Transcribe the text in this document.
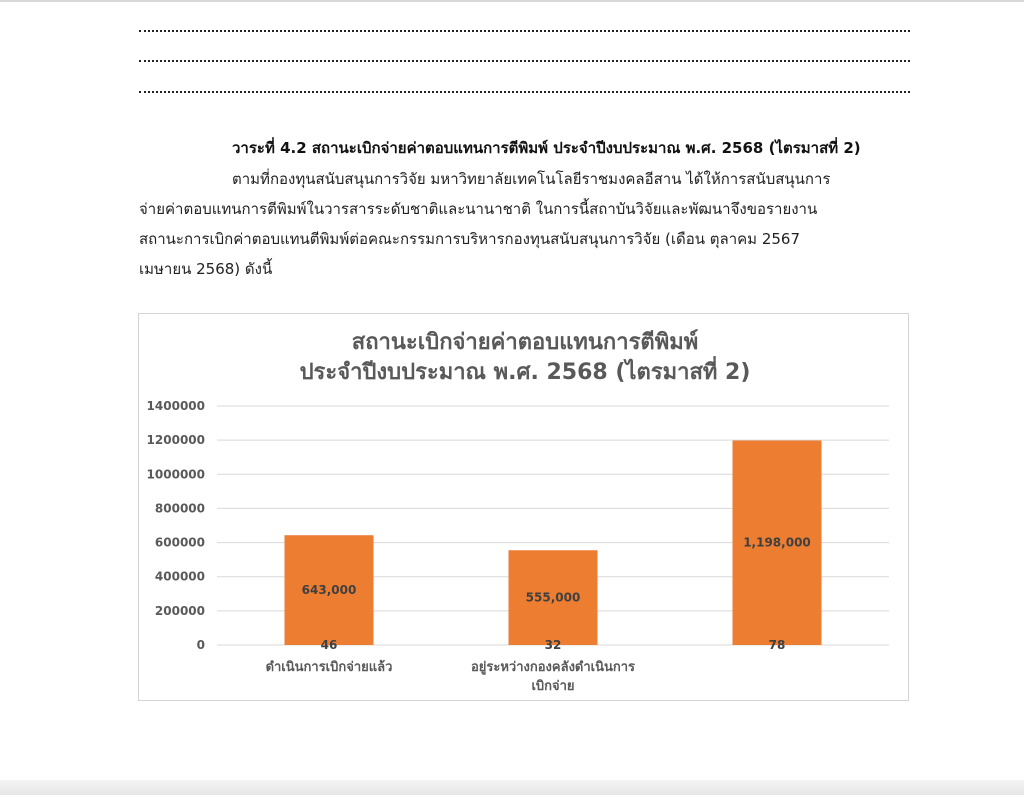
วาระที่ 4.2 สถานะเบิกจ่ายค่าตอบแทนการตีพิมพ์ ประจำปีงบประมาณ พ.ศ. 2568 (ไตรมาสที่ 2)
ตามที่กองทุนสนับสนุนการวิจัย มหาวิทยาลัยเทคโนโลยีราชมงคลอีสาน ได้ให้การสนับสนุนการ
จ่ายค่าตอบแทนการตีพิมพ์ในวารสารระดับชาติและนานาชาติ ในการนี้สถาบันวิจัยและพัฒนาจึงขอรายงาน
สถานะการเบิกค่าตอบแทนตีพิมพ์ต่อคณะกรรมการบริหารกองทุนสนับสนุนการวิจัย (เดือน ตุลาคม 2567
เมษายน 2568) ดังนี้
สถานะเบิกจ่ายค่าตอบแทนการตีพิมพ์
ประจำปีงบประมาณ พ.ศ. 2568 (ไตรมาสที่ 2)
0
200000
400000
600000
800000
1000000
1200000
1400000
643,000
46
ดำเนินการเบิกจ่ายแล้ว
555,000
32
อยู่ระหว่างกองคลังดำเนินการ
เบิกจ่าย
1,198,000
78
